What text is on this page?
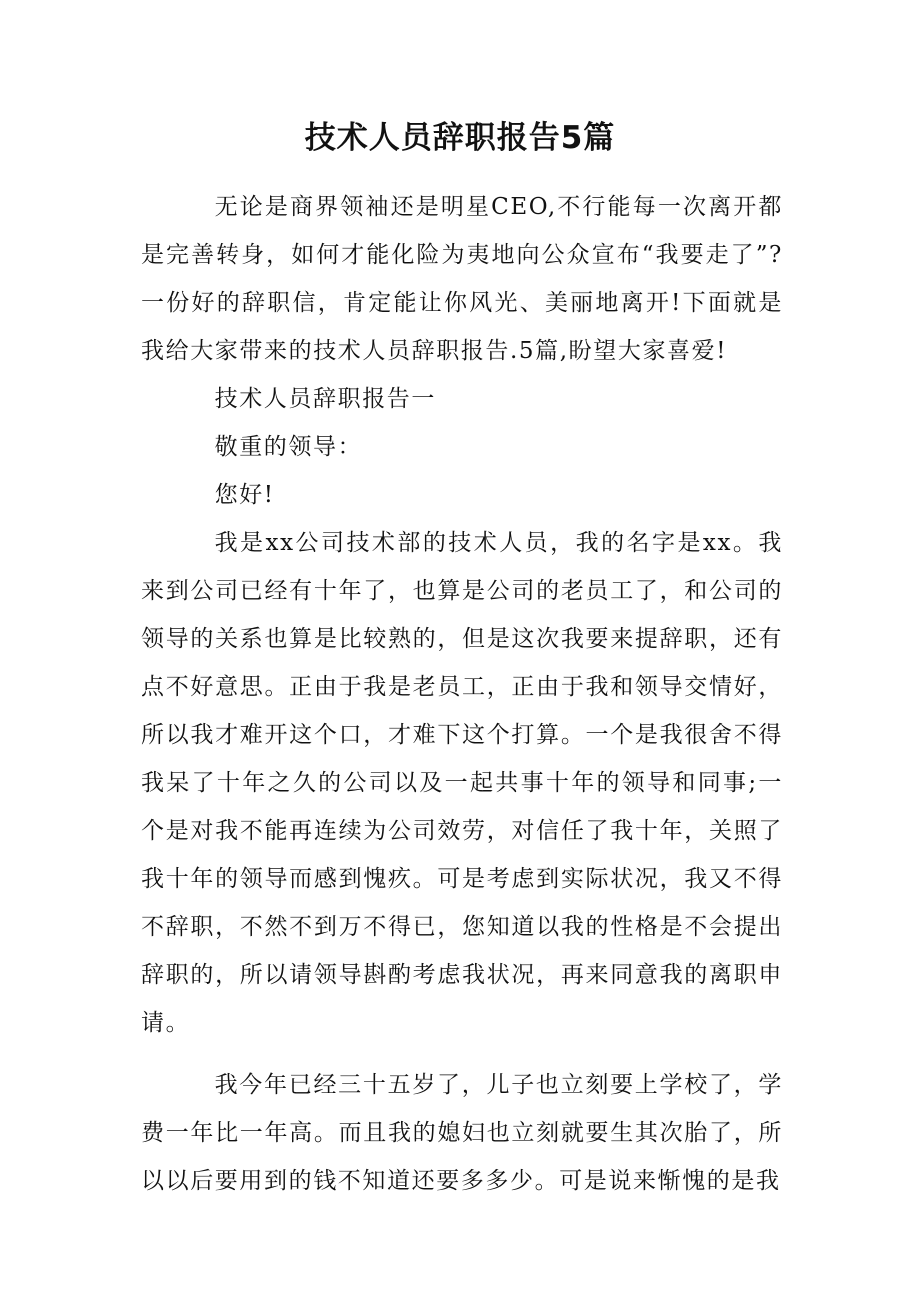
技术人员辞职报告5篇

无论是商界领袖还是明星CEO,不行能每一次离开都是完善转身，如何才能化险为夷地向公众宣布“我要走了”?一份好的辞职信，肯定能让你风光、美丽地离开!下面就是我给大家带来的技术人员辞职报告.5篇,盼望大家喜爱!

技术人员辞职报告一

敬重的领导：

您好!

我是xx公司技术部的技术人员，我的名字是xx。我来到公司已经有十年了，也算是公司的老员工了，和公司的领导的关系也算是比较熟的，但是这次我要来提辞职，还有点不好意思。正由于我是老员工，正由于我和领导交情好，所以我才难开这个口，才难下这个打算。一个是我很舍不得我呆了十年之久的公司以及一起共事十年的领导和同事;一个是对我不能再连续为公司效劳，对信任了我十年，关照了我十年的领导而感到愧疚。可是考虑到实际状况，我又不得不辞职，不然不到万不得已，您知道以我的性格是不会提出辞职的，所以请领导斟酌考虑我状况，再来同意我的离职申请。

我今年已经三十五岁了，儿子也立刻要上学校了，学费一年比一年高。而且我的媳妇也立刻就要生其次胎了，所以以后要用到的钱不知道还要多多少。可是说来惭愧的是我
